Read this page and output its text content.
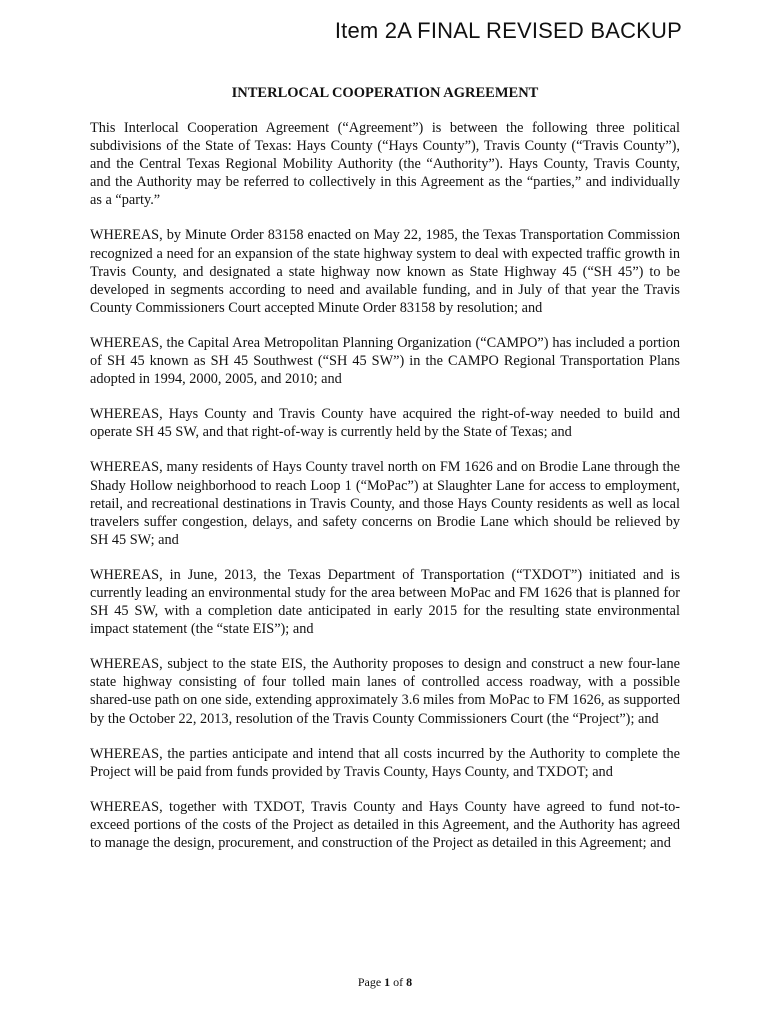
Item 2A FINAL REVISED BACKUP
INTERLOCAL COOPERATION AGREEMENT

This Interlocal Cooperation Agreement (“Agreement”) is between the following three political subdivisions of the State of Texas: Hays County (“Hays County”), Travis County (“Travis County”), and the Central Texas Regional Mobility Authority (the “Authority”). Hays County, Travis County, and the Authority may be referred to collectively in this Agreement as the “parties,” and individually as a “party.”

WHEREAS, by Minute Order 83158 enacted on May 22, 1985, the Texas Transportation Commission recognized a need for an expansion of the state highway system to deal with expected traffic growth in Travis County, and designated a state highway now known as State Highway 45 (“SH 45”) to be developed in segments according to need and available funding, and in July of that year the Travis County Commissioners Court accepted Minute Order 83158 by resolution; and

WHEREAS, the Capital Area Metropolitan Planning Organization (“CAMPO”) has included a portion of SH 45 known as SH 45 Southwest (“SH 45 SW”) in the CAMPO Regional Transportation Plans adopted in 1994, 2000, 2005, and 2010; and

WHEREAS, Hays County and Travis County have acquired the right-of-way needed to build and operate SH 45 SW, and that right-of-way is currently held by the State of Texas; and

WHEREAS, many residents of Hays County travel north on FM 1626 and on Brodie Lane through the Shady Hollow neighborhood to reach Loop 1 (“MoPac”) at Slaughter Lane for access to employment, retail, and recreational destinations in Travis County, and those Hays County residents as well as local travelers suffer congestion, delays, and safety concerns on Brodie Lane which should be relieved by SH 45 SW; and

WHEREAS, in June, 2013, the Texas Department of Transportation (“TXDOT”) initiated and is currently leading an environmental study for the area between MoPac and FM 1626 that is planned for SH 45 SW, with a completion date anticipated in early 2015 for the resulting state environmental impact statement (the “state EIS”); and

WHEREAS, subject to the state EIS, the Authority proposes to design and construct a new four-lane state highway consisting of four tolled main lanes of controlled access roadway, with a possible shared-use path on one side, extending approximately 3.6 miles from MoPac to FM 1626, as supported by the October 22, 2013, resolution of the Travis County Commissioners Court (the “Project”); and

WHEREAS, the parties anticipate and intend that all costs incurred by the Authority to complete the Project will be paid from funds provided by Travis County, Hays County, and TXDOT; and

WHEREAS, together with TXDOT, Travis County and Hays County have agreed to fund not-to-exceed portions of the costs of the Project as detailed in this Agreement, and the Authority has agreed to manage the design, procurement, and construction of the Project as detailed in this Agreement; and

Page 1 of 8
